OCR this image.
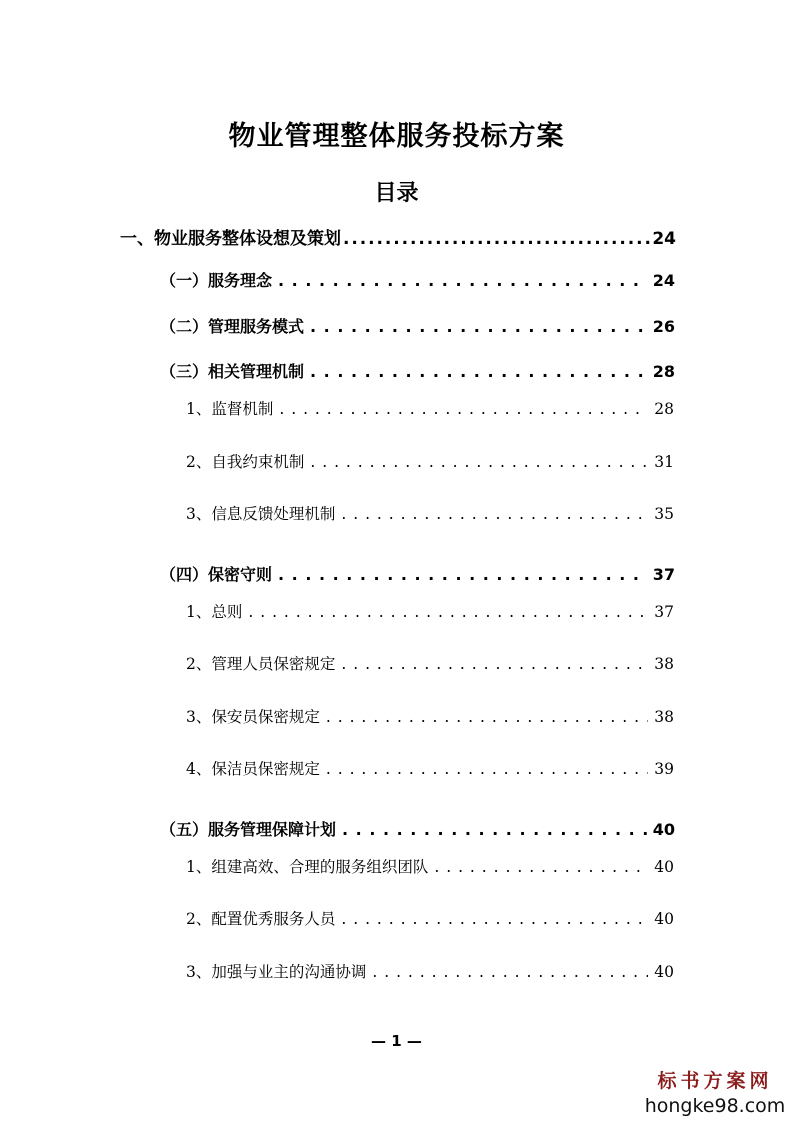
物业管理整体服务投标方案
目录
一、物业服务整体设想及策划 . . .	24
（一）服务理念 . . .	24
（二）管理服务模式 . . .	26
（三）相关管理机制 . . .	28
1、监督机制 . . .	28
2、自我约束机制 . . .	31
3、信息反馈处理机制 . . .	35
（四）保密守则 . . .	37
1、总则 . . .	37
2、管理人员保密规定 . . .	38
3、保安员保密规定 . . .	38
4、保洁员保密规定 . . .	39
（五）服务管理保障计划 . . .	40
1、组建高效、合理的服务组织团队 . . .	40
2、配置优秀服务人员 . . .	40
3、加强与业主的沟通协调 . . .	40
— 1 —
标书方案网
hongke98.com
